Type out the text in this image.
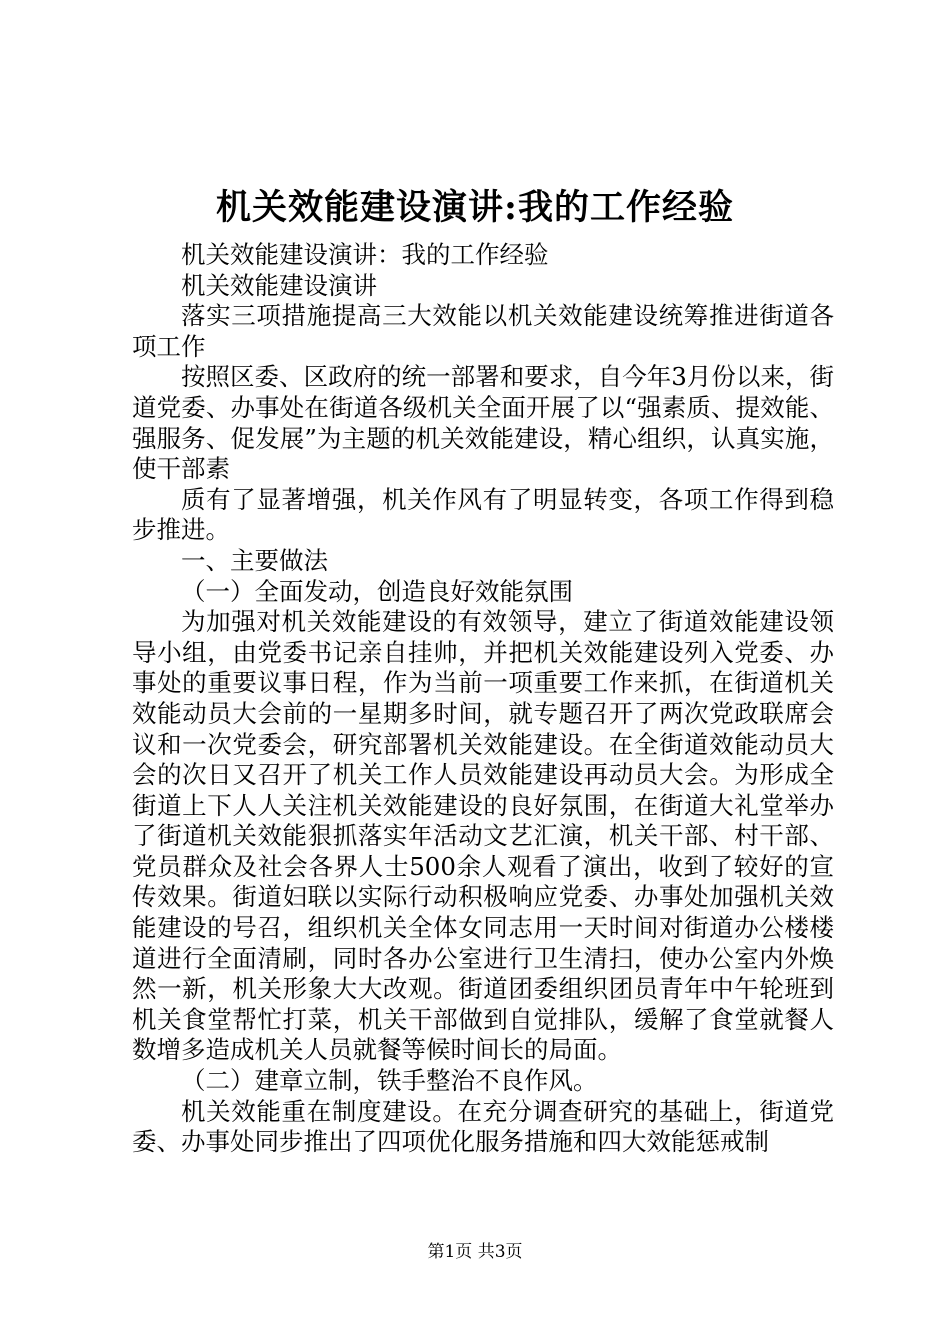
机关效能建设演讲:我的工作经验

机关效能建设演讲：我的工作经验

机关效能建设演讲

落实三项措施提高三大效能以机关效能建设统筹推进街道各项工作

按照区委、区政府的统一部署和要求，自今年3月份以来，街道党委、办事处在街道各级机关全面开展了以“强素质、提效能、强服务、促发展”为主题的机关效能建设，精心组织，认真实施，使干部素

质有了显著增强，机关作风有了明显转变，各项工作得到稳步推进。

一、主要做法

（一）全面发动，创造良好效能氛围

为加强对机关效能建设的有效领导，建立了街道效能建设领导小组，由党委书记亲自挂帅，并把机关效能建设列入党委、办事处的重要议事日程，作为当前一项重要工作来抓，在街道机关效能动员大会前的一星期多时间，就专题召开了两次党政联席会议和一次党委会，研究部署机关效能建设。在全街道效能动员大会的次日又召开了机关工作人员效能建设再动员大会。为形成全街道上下人人关注机关效能建设的良好氛围，在街道大礼堂举办了街道机关效能狠抓落实年活动文艺汇演，机关干部、村干部、党员群众及社会各界人士500余人观看了演出，收到了较好的宣传效果。街道妇联以实际行动积极响应党委、办事处加强机关效能建设的号召，组织机关全体女同志用一天时间对街道办公楼楼道进行全面清刷，同时各办公室进行卫生清扫，使办公室内外焕然一新，机关形象大大改观。街道团委组织团员青年中午轮班到机关食堂帮忙打菜，机关干部做到自觉排队，缓解了食堂就餐人数增多造成机关人员就餐等候时间长的局面。

（二）建章立制，铁手整治不良作风。

机关效能重在制度建设。在充分调查研究的基础上，街道党委、办事处同步推出了四项优化服务措施和四大效能惩戒制

第1页 共3页
